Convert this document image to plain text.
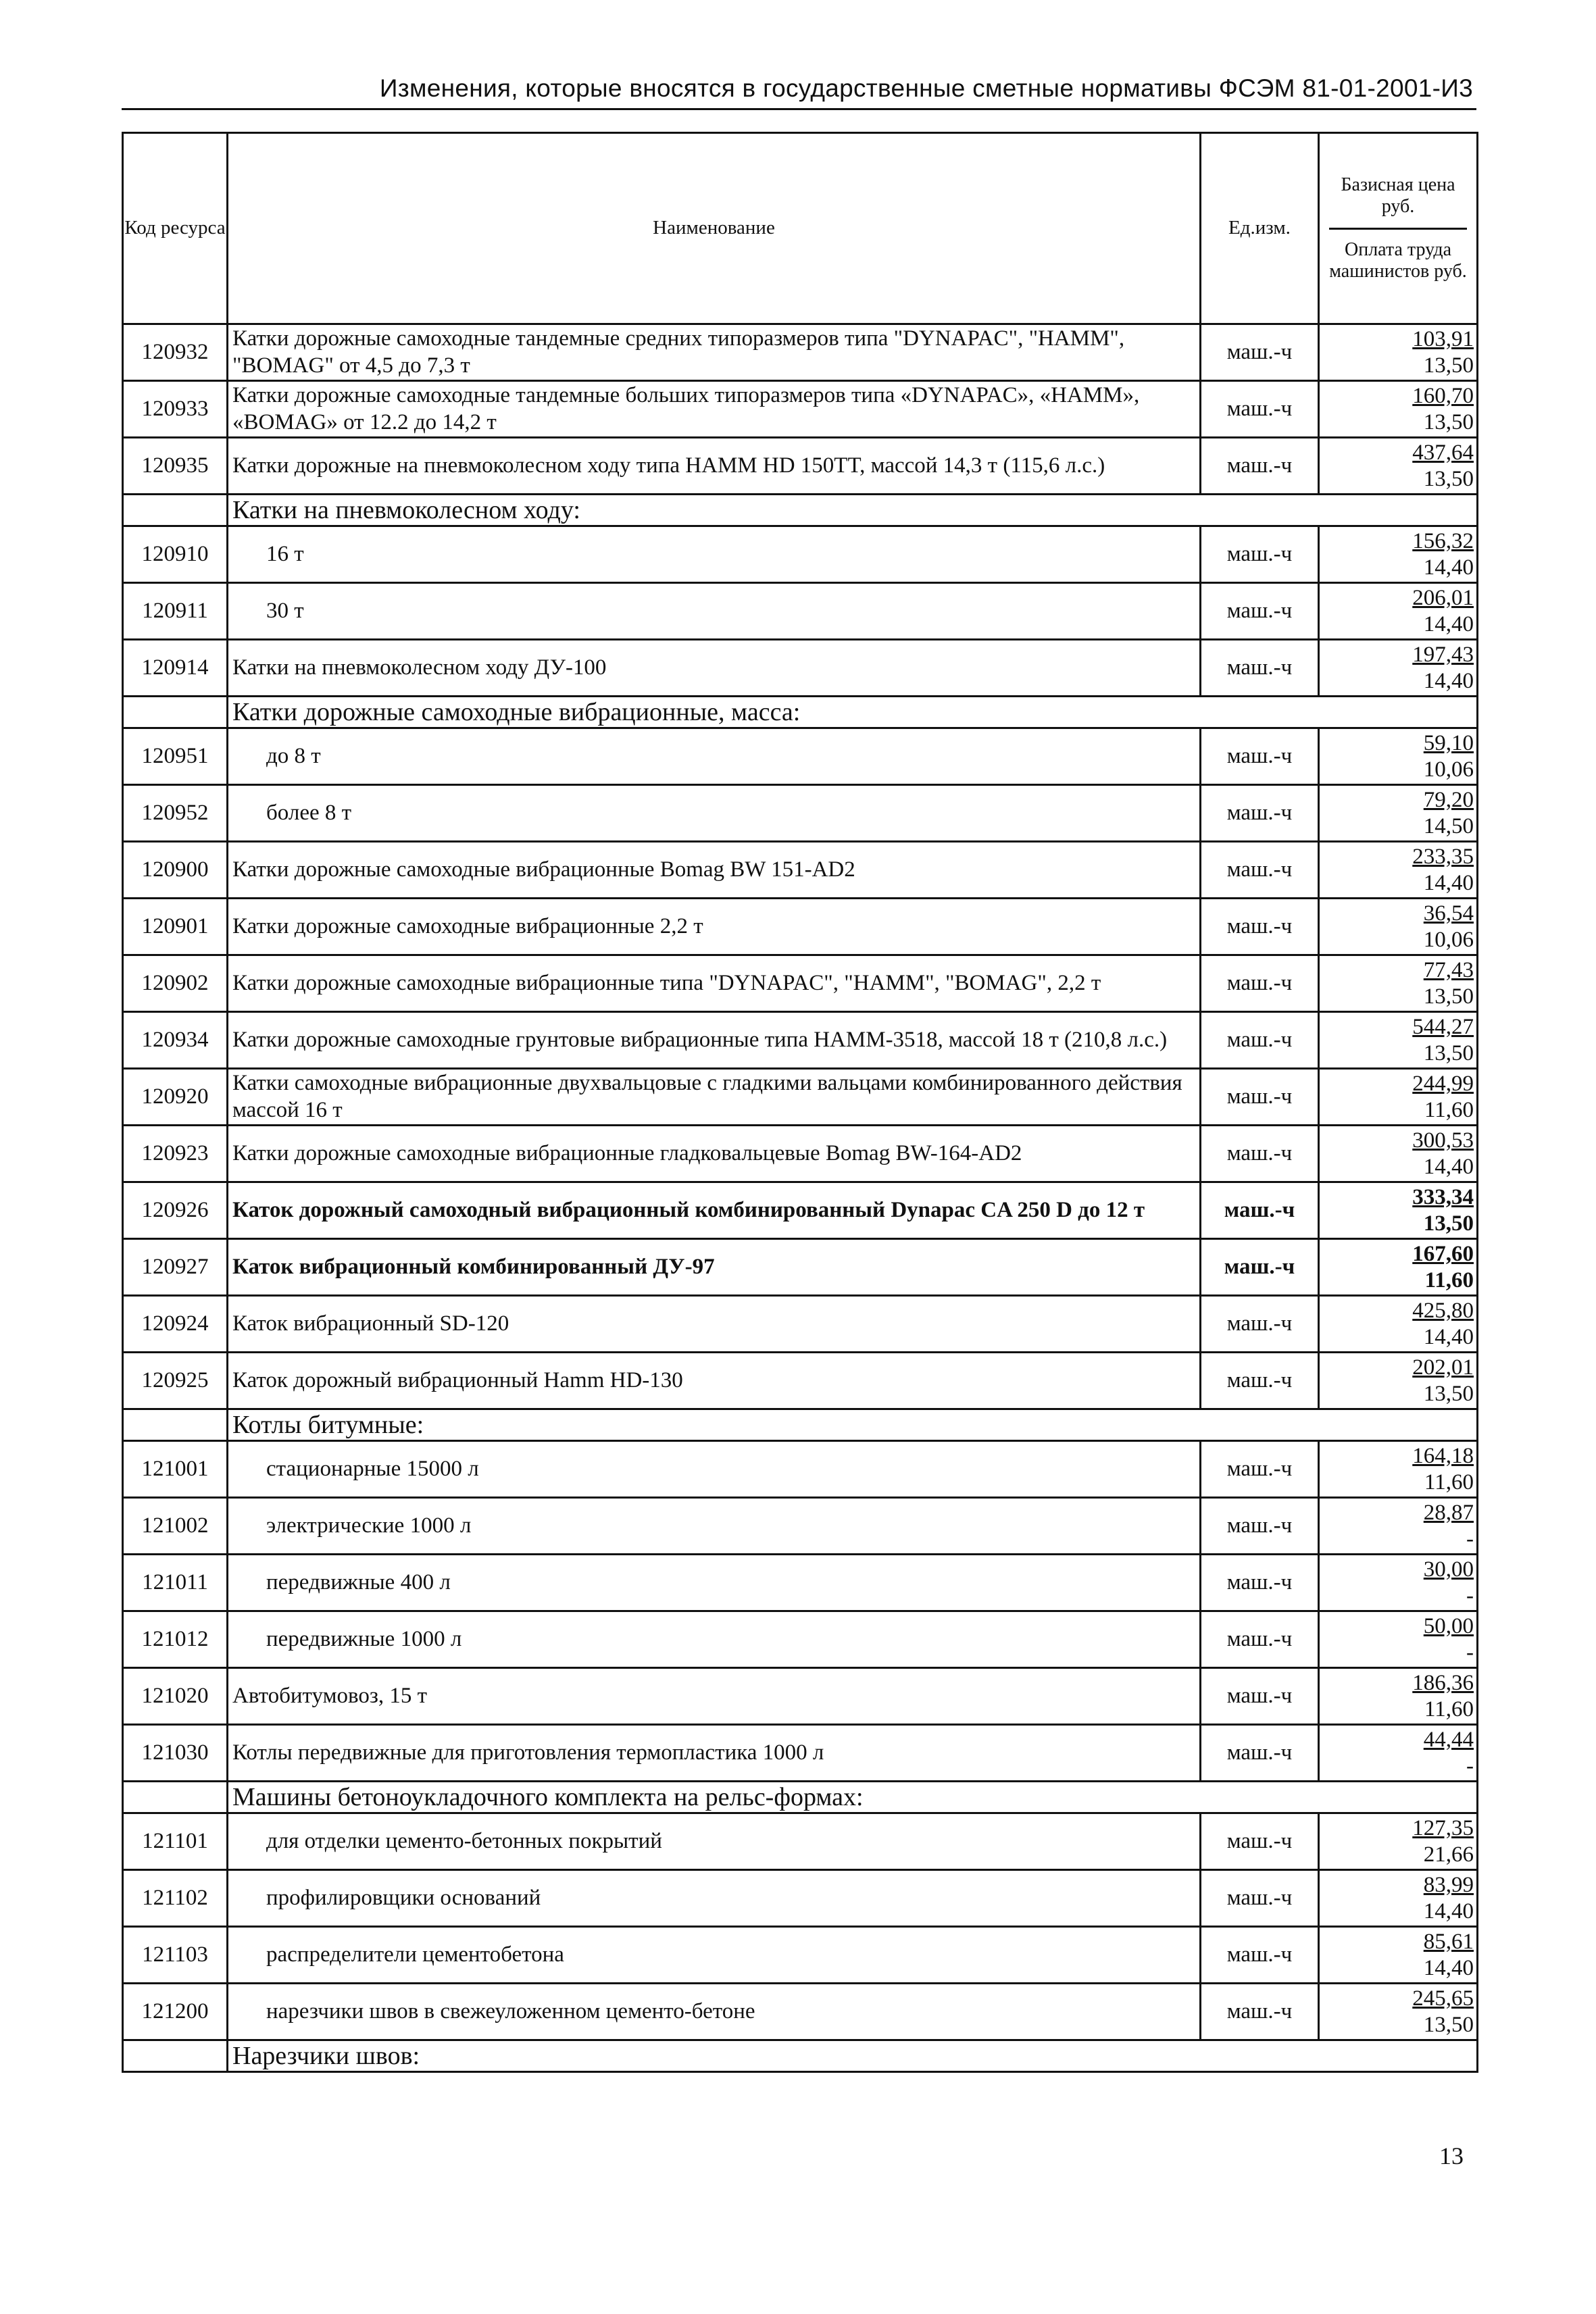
Изменения, которые вносятся в государственные сметные нормативы ФСЭМ 81-01-2001-И3
Код ресурса	Наименование	Ед.изм.	Базисная цена руб.
Оплата труда машинистов руб.

120932	Катки дорожные самоходные тандемные средних типоразмеров типа "DYNAPAC", "HAMM", "BOMAG" от 4,5 до 7,3 т	маш.-ч	103,91
13,50

120933	Катки дорожные самоходные тандемные больших типоразмеров типа «DYNAPAC», «HAMM», «BOMAG» от 12.2 до 14,2 т	маш.-ч	160,70
13,50

120935	Катки дорожные на пневмоколесном ходу типа HAMM HD 150TT, массой 14,3 т (115,6 л.с.)	маш.-ч	437,64
13,50

	Катки на пневмоколесном ходу:		
120910	16 т	маш.-ч	156,32
14,40

120911	30 т	маш.-ч	206,01
14,40

120914	Катки на пневмоколесном ходу ДУ-100	маш.-ч	197,43
14,40

	Катки дорожные самоходные вибрационные, масса:		
120951	до 8 т	маш.-ч	59,10
10,06

120952	более 8 т	маш.-ч	79,20
14,50

120900	Катки дорожные самоходные вибрационные Bomag BW 151-AD2	маш.-ч	233,35
14,40

120901	Катки дорожные самоходные вибрационные 2,2 т	маш.-ч	36,54
10,06

120902	Катки дорожные самоходные вибрационные типа "DYNAPAC", "HAMM", "BOMAG", 2,2 т	маш.-ч	77,43
13,50

120934	Катки дорожные самоходные грунтовые вибрационные типа HAMM-3518, массой 18 т (210,8 л.с.)	маш.-ч	544,27
13,50

120920	Катки самоходные вибрационные двухвальцовые с гладкими вальцами комбинированного действия массой 16 т	маш.-ч	244,99
11,60

120923	Катки дорожные самоходные вибрационные гладковальцевые Bomag BW-164-AD2	маш.-ч	300,53
14,40

120926	Каток дорожный самоходный вибрационный комбинированный Dynapac CA 250 D до 12 т	маш.-ч	333,34
13,50

120927	Каток вибрационный комбинированный ДУ-97	маш.-ч	167,60
11,60

120924	Каток вибрационный SD-120	маш.-ч	425,80
14,40

120925	Каток дорожный вибрационный Hamm HD-130	маш.-ч	202,01
13,50

	Котлы битумные:		
121001	стационарные 15000 л	маш.-ч	164,18
11,60

121002	электрические 1000 л	маш.-ч	28,87
-

121011	передвижные 400 л	маш.-ч	30,00
-

121012	передвижные 1000 л	маш.-ч	50,00
-

121020	Автобитумовоз, 15 т	маш.-ч	186,36
11,60

121030	Котлы передвижные для приготовления термопластика 1000 л	маш.-ч	44,44
-

	Машины бетоноукладочного комплекта на рельс-формах:		
121101	для отделки цементо-бетонных покрытий	маш.-ч	127,35
21,66

121102	профилировщики оснований	маш.-ч	83,99
14,40

121103	распределители цементобетона	маш.-ч	85,61
14,40

121200	нарезчики швов в свежеуложенном цементо-бетоне	маш.-ч	245,65
13,50

	Нарезчики швов:		
13
